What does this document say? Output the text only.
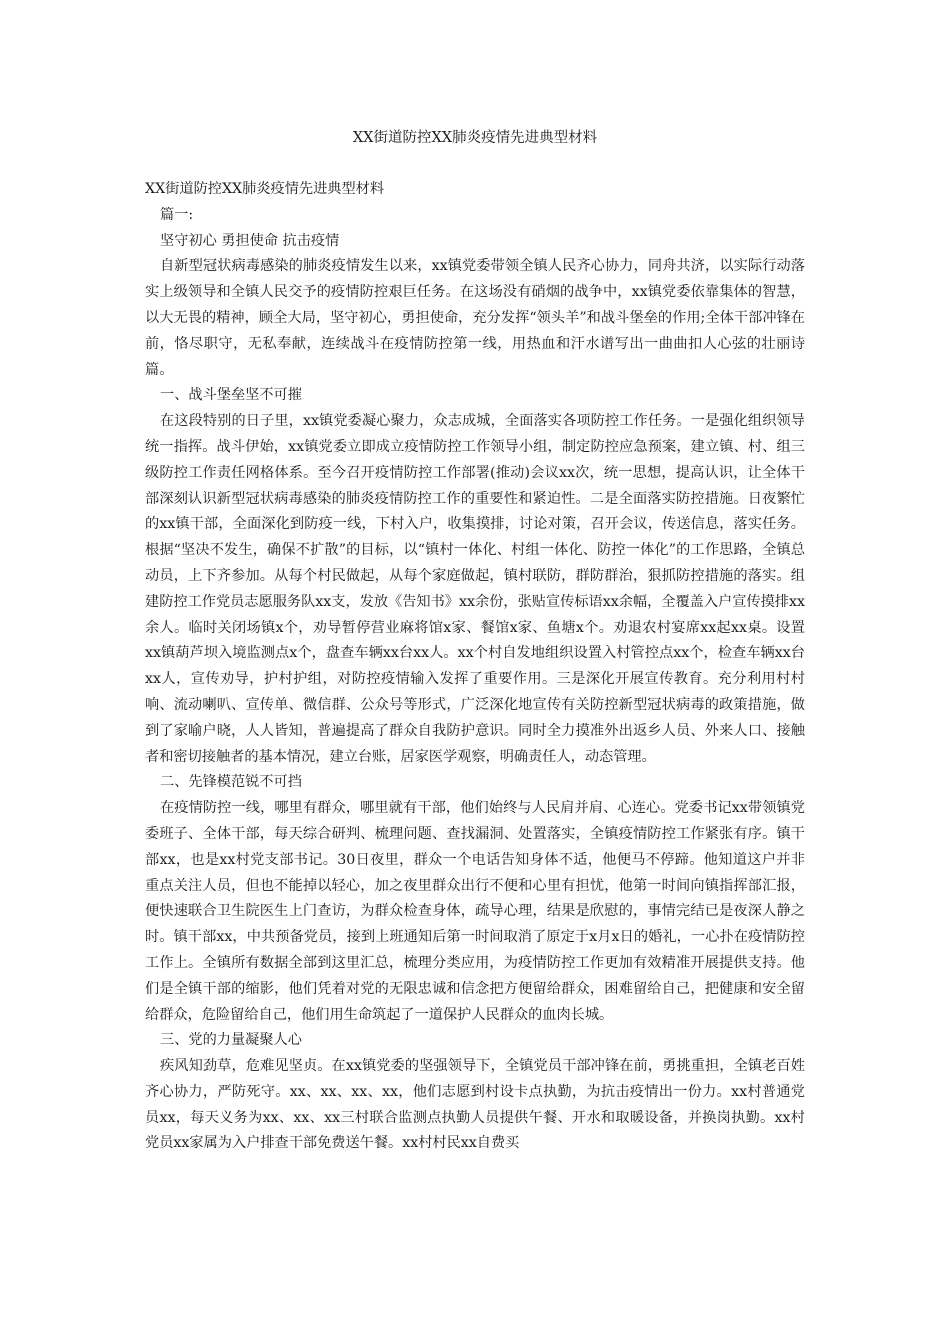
XX街道防控XX肺炎疫情先进典型材料

XX街道防控XX肺炎疫情先进典型材料

篇一:

坚守初心 勇担使命 抗击疫情

自新型冠状病毒感染的肺炎疫情发生以来，xx镇党委带领全镇人民齐心协力，同舟共济，以实际行动落实上级领导和全镇人民交予的疫情防控艰巨任务。在这场没有硝烟的战争中，xx镇党委依靠集体的智慧，以大无畏的精神，顾全大局，坚守初心，勇担使命，充分发挥“领头羊”和战斗堡垒的作用;全体干部冲锋在前，恪尽职守，无私奉献，连续战斗在疫情防控第一线，用热血和汗水谱写出一曲曲扣人心弦的壮丽诗篇。

一、战斗堡垒坚不可摧

在这段特别的日子里，xx镇党委凝心聚力，众志成城，全面落实各项防控工作任务。一是强化组织领导统一指挥。战斗伊始，xx镇党委立即成立疫情防控工作领导小组，制定防控应急预案，建立镇、村、组三级防控工作责任网格体系。至今召开疫情防控工作部署(推动)会议xx次，统一思想，提高认识，让全体干部深刻认识新型冠状病毒感染的肺炎疫情防控工作的重要性和紧迫性。二是全面落实防控措施。日夜繁忙的xx镇干部，全面深化到防疫一线，下村入户，收集摸排，讨论对策，召开会议，传送信息，落实任务。根据“坚决不发生，确保不扩散”的目标，以“镇村一体化、村组一体化、防控一体化”的工作思路，全镇总动员，上下齐参加。从每个村民做起，从每个家庭做起，镇村联防，群防群治，狠抓防控措施的落实。组建防控工作党员志愿服务队xx支，发放《告知书》xx余份，张贴宣传标语xx余幅，全覆盖入户宣传摸排xx余人。临时关闭场镇x个，劝导暂停营业麻将馆x家、餐馆x家、鱼塘x个。劝退农村宴席xx起xx桌。设置xx镇葫芦坝入境监测点x个，盘查车辆xx台xx人。xx个村自发地组织设置入村管控点xx个，检查车辆xx台xx人，宣传劝导，护村护组，对防控疫情输入发挥了重要作用。三是深化开展宣传教育。充分利用村村响、流动喇叭、宣传单、微信群、公众号等形式，广泛深化地宣传有关防控新型冠状病毒的政策措施，做到了家喻户晓，人人皆知，普遍提高了群众自我防护意识。同时全力摸准外出返乡人员、外来人口、接触者和密切接触者的基本情况，建立台账，居家医学观察，明确责任人，动态管理。

二、先锋模范锐不可挡

在疫情防控一线，哪里有群众，哪里就有干部，他们始终与人民肩并肩、心连心。党委书记xx带领镇党委班子、全体干部，每天综合研判、梳理问题、查找漏洞、处置落实，全镇疫情防控工作紧张有序。镇干部xx，也是xx村党支部书记。30日夜里，群众一个电话告知身体不适，他便马不停蹄。他知道这户并非重点关注人员，但也不能掉以轻心，加之夜里群众出行不便和心里有担忧，他第一时间向镇指挥部汇报，便快速联合卫生院医生上门查访，为群众检查身体，疏导心理，结果是欣慰的，事情完结已是夜深人静之时。镇干部xx，中共预备党员，接到上班通知后第一时间取消了原定于x月x日的婚礼，一心扑在疫情防控工作上。全镇所有数据全部到这里汇总，梳理分类应用，为疫情防控工作更加有效精准开展提供支持。他们是全镇干部的缩影，他们凭着对党的无限忠诚和信念把方便留给群众，困难留给自己，把健康和安全留给群众，危险留给自己，他们用生命筑起了一道保护人民群众的血肉长城。

三、党的力量凝聚人心

疾风知劲草，危难见坚贞。在xx镇党委的坚强领导下，全镇党员干部冲锋在前，勇挑重担，全镇老百姓齐心协力，严防死守。xx、xx、xx、xx，他们志愿到村设卡点执勤，为抗击疫情出一份力。xx村普通党员xx，每天义务为xx、xx、xx三村联合监测点执勤人员提供午餐、开水和取暖设备，并换岗执勤。xx村党员xx家属为入户排查干部免费送午餐。xx村村民xx自费买
